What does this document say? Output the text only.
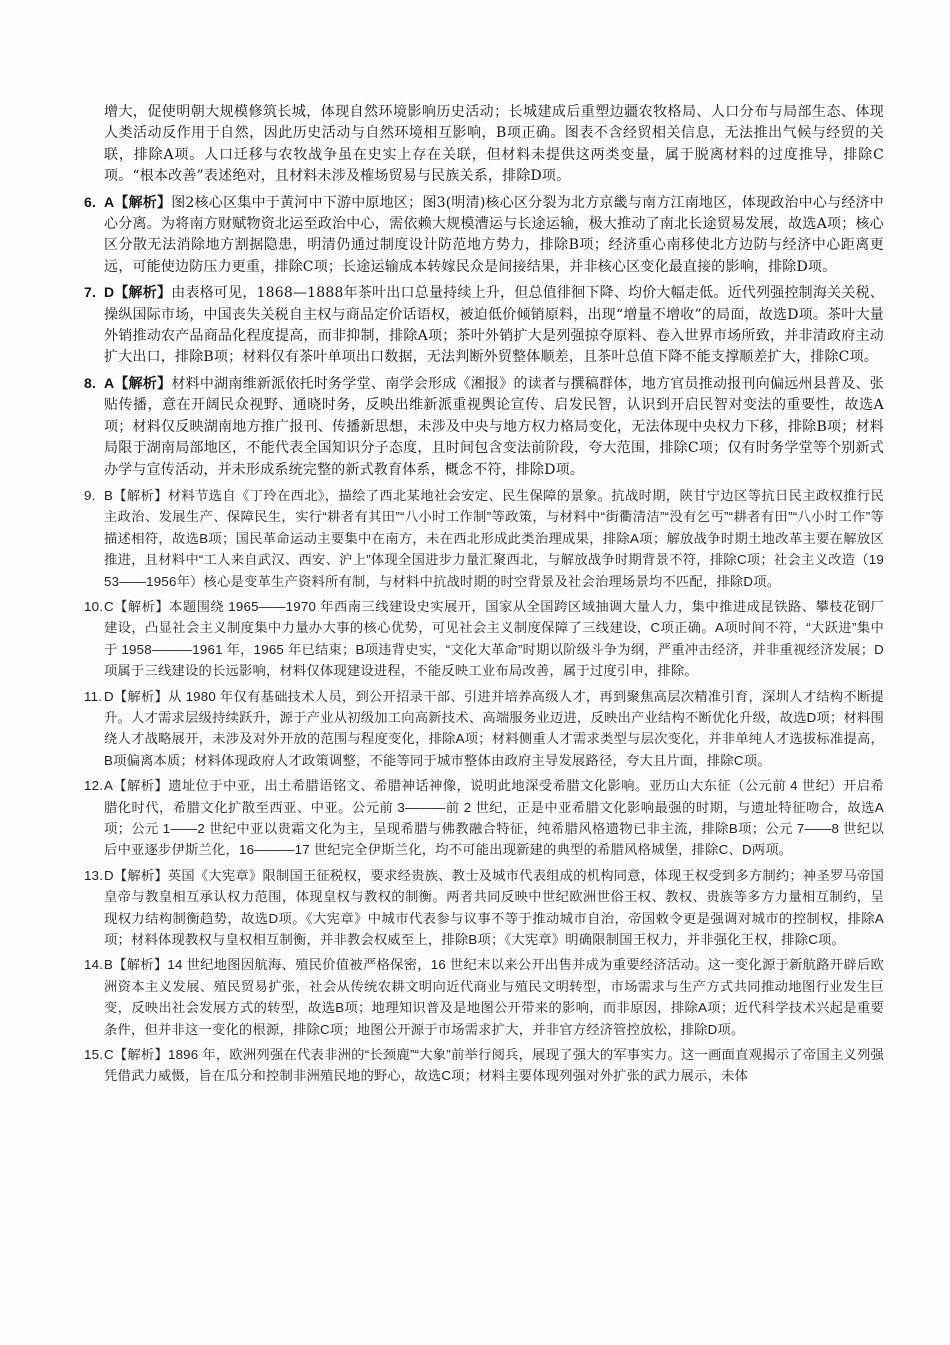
增大，促使明朝大规模修筑长城，体现自然环境影响历史活动；长城建成后重塑边疆农牧格局、人口分布与局部生态、体现人类活动反作用于自然，因此历史活动与自然环境相互影响，B项正确。图表不含经贸相关信息，无法推出气候与经贸的关联，排除A项。人口迁移与农牧战争虽在史实上存在关联，但材料未提供这两类变量，属于脱离材料的过度推导，排除C项。“根本改善”表述绝对，且材料未涉及榷场贸易与民族关系，排除D项。

6. A【解析】图2核心区集中于黄河中下游中原地区；图3(明清)核心区分裂为北方京畿与南方江南地区，体现政治中心与经济中心分离。为将南方财赋物资北运至政治中心，需依赖大规模漕运与长途运输，极大推动了南北长途贸易发展，故选A项；核心区分散无法消除地方割据隐患，明清仍通过制度设计防范地方势力，排除B项；经济重心南移使北方边防与经济中心距离更远，可能使边防压力更重，排除C项；长途运输成本转嫁民众是间接结果，并非核心区变化最直接的影响，排除D项。

7. D【解析】由表格可见，1868—1888年茶叶出口总量持续上升，但总值徘徊下降、均价大幅走低。近代列强控制海关关税、操纵国际市场，中国丧失关税自主权与商品定价话语权，被迫低价倾销原料，出现“增量不增收”的局面，故选D项。茶叶大量外销推动农产品商品化程度提高，而非抑制，排除A项；茶叶外销扩大是列强掠夺原料、卷入世界市场所致，并非清政府主动扩大出口，排除B项；材料仅有茶叶单项出口数据，无法判断外贸整体顺差，且茶叶总值下降不能支撑顺差扩大，排除C项。

8. A【解析】材料中湖南维新派依托时务学堂、南学会形成《湘报》的读者与撰稿群体，地方官员推动报刊向偏远州县普及、张贴传播，意在开阔民众视野、通晓时务，反映出维新派重视舆论宣传、启发民智，认识到开启民智对变法的重要性，故选A项；材料仅反映湖南地方推广报刊、传播新思想，未涉及中央与地方权力格局变化，无法体现中央权力下移，排除B项；材料局限于湖南局部地区，不能代表全国知识分子态度，且时间包含变法前阶段，夸大范围，排除C项；仅有时务学堂等个别新式办学与宣传活动，并未形成系统完整的新式教育体系，概念不符，排除D项。

9. B【解析】材料节选自《丁玲在西北》，描绘了西北某地社会安定、民生保障的景象。抗战时期，陕甘宁边区等抗日民主政权推行民主政治、发展生产、保障民生，实行“耕者有其田”“八小时工作制”等政策，与材料中“街衢清洁”“没有乞丐”“耕者有田”“八小时工作”等描述相符，故选B项；国民革命运动主要集中在南方，未在西北形成此类治理成果，排除A项；解放战争时期土地改革主要在解放区推进，且材料中“工人来自武汉、西安、沪上”体现全国进步力量汇聚西北，与解放战争时期背景不符，排除C项；社会主义改造（1953——1956年）核心是变革生产资料所有制，与材料中抗战时期的时空背景及社会治理场景均不匹配，排除D项。

10.C【解析】本题围绕 1965——1970 年西南三线建设史实展开，国家从全国跨区域抽调大量人力，集中推进成昆铁路、攀枝花钢厂建设，凸显社会主义制度集中力量办大事的核心优势，可见社会主义制度保障了三线建设，C项正确。A项时间不符，“大跃进”集中于 1958———1961 年，1965 年已结束；B项违背史实，“文化大革命”时期以阶级斗争为纲，严重冲击经济，并非重视经济发展；D项属于三线建设的长远影响，材料仅体现建设进程，不能反映工业布局改善，属于过度引申，排除。

11. D【解析】从 1980 年仅有基础技术人员，到公开招录干部、引进并培养高级人才，再到聚焦高层次精准引育，深圳人才结构不断提升。人才需求层级持续跃升，源于产业从初级加工向高新技术、高端服务业迈进，反映出产业结构不断优化升级，故选D项；材料围绕人才战略展开，未涉及对外开放的范围与程度变化，排除A项；材料侧重人才需求类型与层次变化，并非单纯人才选拔标准提高，B项偏离本质；材料体现政府人才政策调整，不能等同于城市整体由政府主导发展路径，夸大且片面，排除C项。

12.A【解析】遗址位于中亚，出土希腊语铭文、希腊神话神像，说明此地深受希腊文化影响。亚历山大东征（公元前 4 世纪）开启希腊化时代，希腊文化扩散至西亚、中亚。公元前 3———前 2 世纪，正是中亚希腊文化影响最强的时期，与遗址特征吻合，故选A项；公元 1——2 世纪中亚以贵霜文化为主，呈现希腊与佛教融合特征，纯希腊风格遗物已非主流，排除B项；公元 7——8 世纪以后中亚逐步伊斯兰化，16———17 世纪完全伊斯兰化，均不可能出现新建的典型的希腊风格城堡，排除C、D两项。

13.D【解析】英国《大宪章》限制国王征税权，要求经贵族、教士及城市代表组成的机构同意，体现王权受到多方制约；神圣罗马帝国皇帝与教皇相互承认权力范围，体现皇权与教权的制衡。两者共同反映中世纪欧洲世俗王权、教权、贵族等多方力量相互制约，呈现权力结构制衡趋势，故选D项。《大宪章》中城市代表参与议事不等于推动城市自治，帝国敕令更是强调对城市的控制权，排除A项；材料体现教权与皇权相互制衡，并非教会权威至上，排除B项；《大宪章》明确限制国王权力，并非强化王权，排除C项。

14.B【解析】14 世纪地图因航海、殖民价值被严格保密，16 世纪末以来公开出售并成为重要经济活动。这一变化源于新航路开辟后欧洲资本主义发展、殖民贸易扩张，社会从传统农耕文明向近代商业与殖民文明转型，市场需求与生产方式共同推动地图行业发生巨变，反映出社会发展方式的转型，故选B项；地理知识普及是地图公开带来的影响，而非原因，排除A项；近代科学技术兴起是重要条件，但并非这一变化的根源，排除C项；地图公开源于市场需求扩大，并非官方经济管控放松，排除D项。

15.C【解析】1896 年，欧洲列强在代表非洲的“长颈鹿”“大象”前举行阅兵，展现了强大的军事实力。这一画面直观揭示了帝国主义列强凭借武力威慑，旨在瓜分和控制非洲殖民地的野心，故选C项；材料主要体现列强对外扩张的武力展示，未体
